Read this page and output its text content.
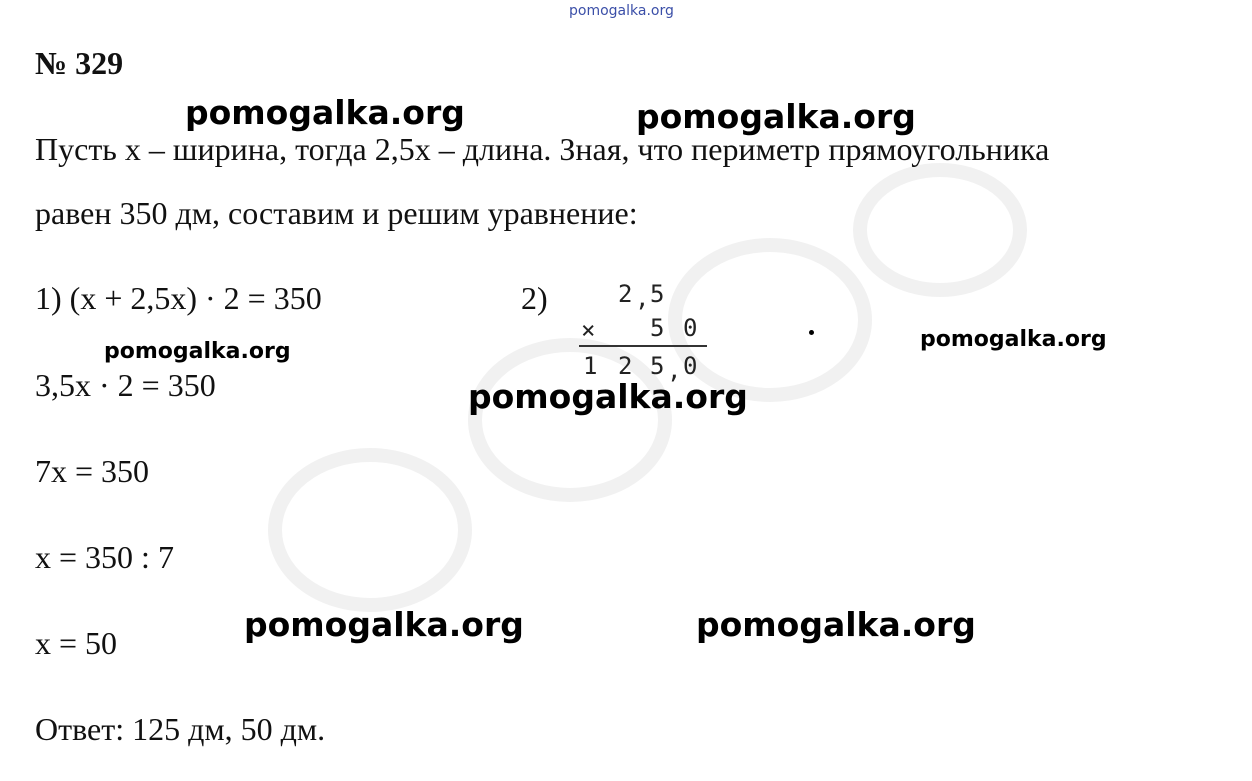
pomogalka.org
№ 329
Пусть x – ширина, тогда 2,5x – длина. Зная, что периметр прямоугольника
равен 350 дм, составим и решим уравнение:
1) (x + 2,5x) · 2 = 350	2)	2 , 5
× 5 0
1 2 5 , 0
3,5x · 2 = 350
7x = 350
x = 350 : 7
x = 50
Ответ: 125 дм, 50 дм.
pomogalka.org	pomogalka.org
pomogalka.org	pomogalka.org
pomogalka.org
pomogalka.org	pomogalka.org
